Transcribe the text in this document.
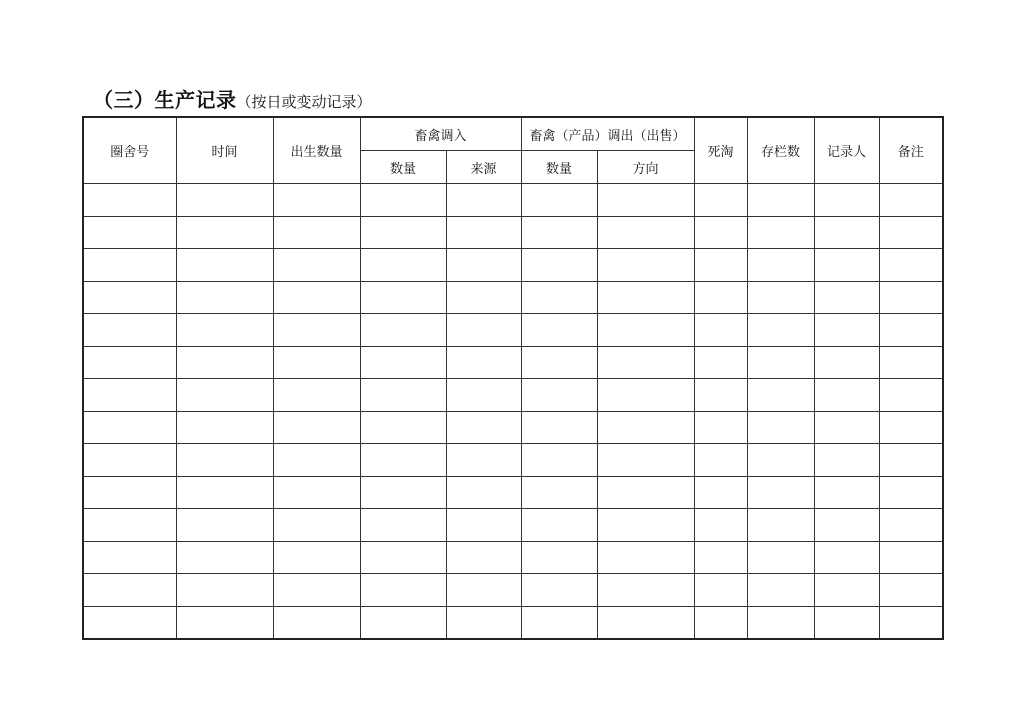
（三）生产记录（按日或变动记录）
圈舍号	时间	出生数量	畜禽调入		畜禽（产品）调出（出售）		死淘	存栏数	记录人	备注
			数量	来源	数量	方向				
